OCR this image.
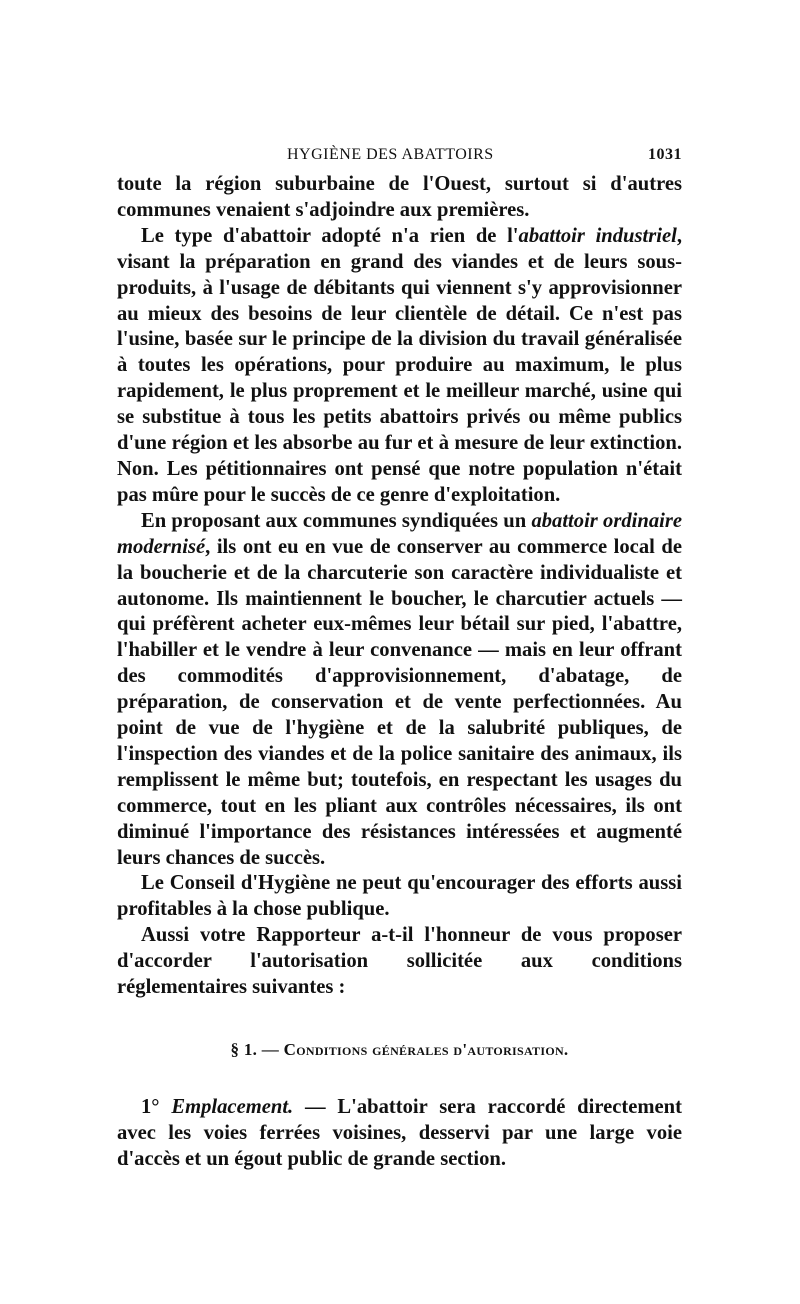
HYGIÈNE DES ABATTOIRS	1031

toute la région suburbaine de l'Ouest, surtout si d'autres communes venaient s'adjoindre aux premières.

Le type d'abattoir adopté n'a rien de l'abattoir industriel, visant la préparation en grand des viandes et de leurs sous-produits, à l'usage de débitants qui viennent s'y approvisionner au mieux des besoins de leur clientèle de détail. Ce n'est pas l'usine, basée sur le principe de la division du travail généralisée à toutes les opérations, pour produire au maximum, le plus rapidement, le plus proprement et le meilleur marché, usine qui se substitue à tous les petits abattoirs privés ou même publics d'une région et les absorbe au fur et à mesure de leur extinction. Non. Les pétitionnaires ont pensé que notre population n'était pas mûre pour le succès de ce genre d'exploitation.

En proposant aux communes syndiquées un abattoir ordinaire modernisé, ils ont eu en vue de conserver au commerce local de la boucherie et de la charcuterie son caractère individualiste et autonome. Ils maintiennent le boucher, le charcutier actuels — qui préfèrent acheter eux-mêmes leur bétail sur pied, l'abattre, l'habiller et le vendre à leur convenance — mais en leur offrant des commodités d'approvisionnement, d'abatage, de préparation, de conservation et de vente perfectionnées. Au point de vue de l'hygiène et de la salubrité publiques, de l'inspection des viandes et de la police sanitaire des animaux, ils remplissent le même but; toutefois, en respectant les usages du commerce, tout en les pliant aux contrôles nécessaires, ils ont diminué l'importance des résistances intéressées et augmenté leurs chances de succès.

Le Conseil d'Hygiène ne peut qu'encourager des efforts aussi profitables à la chose publique.

Aussi votre Rapporteur a-t-il l'honneur de vous proposer d'accorder l'autorisation sollicitée aux conditions réglementaires suivantes :

§ 1. — Conditions générales d'autorisation.

1° Emplacement. — L'abattoir sera raccordé directement avec les voies ferrées voisines, desservi par une large voie d'accès et un égout public de grande section.
